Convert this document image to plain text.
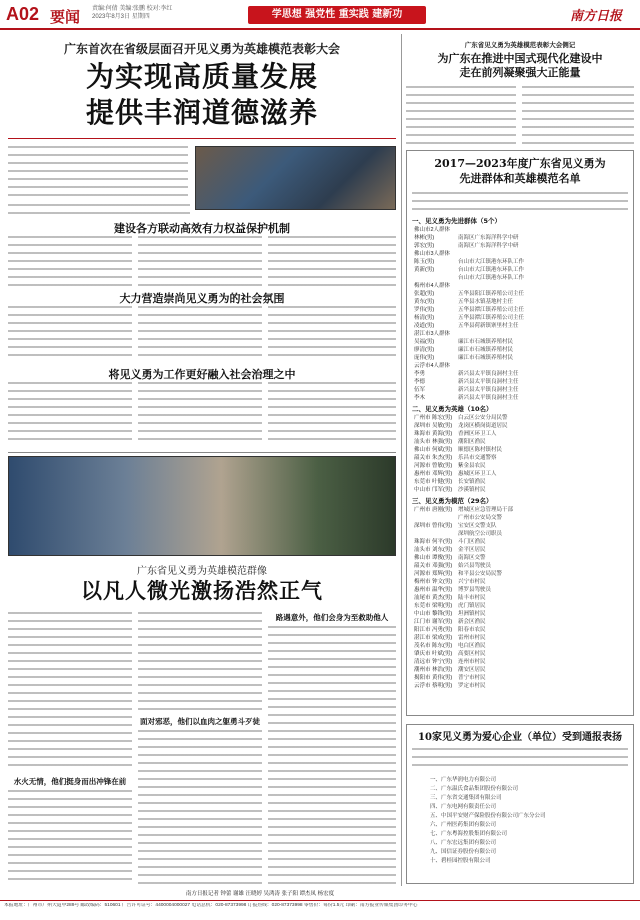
A02 要闻 责编:何倩 美编:张鹏 校对:李红
2023年8月3日 星期四	学思想 强党性 重实践 建新功	南方日报
广东首次在省级层面召开见义勇为英雄模范表彰大会
为实现高质量发展
提供丰润道德滋养
建设各方联动高效有力权益保护机制
大力营造崇尚见义勇为的社会氛围
将见义勇为工作更好融入社会治理之中
广东省见义勇为英雄模范群像
以凡人微光激扬浩然正气
水火无情，他们挺身而出冲锋在前
面对邪恶，他们以血肉之躯勇斗歹徒
路遇意外，他们会身为至救助他人
广东省见义勇为英雄模范表彰大会侧记
为广东在推进中国式现代化建设中
走在前列凝聚强大正能量
2017—2023年度广东省见义勇为
先进群体和英雄模范名单
一、见义勇为先进群体（5个）
佛山市2人群体
林彬(男)	南海区广东海洋科学中研
郭宏(男)	南海区广东海洋科学中研
佛山市3人群体
陈玉(男)	台山市大江镇港东环队工作
黄新(男)	台山市大江镇港东环队工作
台山市大江镇港东环队工作
梅州市4人群体
张超(男)	五华县阳江镇养殖公司主任
黄东(男)	五华县水镇基地村主任
罗伟(男)	五华县潭江镇养殖公司主任
杨清(男)	五华县潭江镇养殖公司主任
凌道(男)	五华县荷新镇寨里村主任
湛江市3人群体
吴福(男)	廉江市石城镇养殖村民
廖清(男)	廉江市石城镇养殖村民
庞伟(男)	廉江市石城镇养殖村民
云浮市4人群体
李勇	新兴县太平镇良洞村主任
李德	新兴县太平镇良洞村主任
伍军	新兴县太平镇良洞村主任
李木	新兴县太平镇良洞村主任
二、见义勇为英雄（10名）
广州市 陈宏(男) 白云区公安分局民警
深圳市 吴敏(男) 龙岗区横岗街道居民
珠海市 黄海(男) 香洲区环卫工人
汕头市 林强(男) 潮阳区渔民
佛山市 何斌(男) 顺德区陈村镇村民
韶关市 朱杰(男) 乐昌市交通警察
河源市 曾敏(男) 紫金县农民
惠州市 邓辉(男) 惠城区环卫工人
东莞市 叶健(男) 长安镇渔民
中山市 邝军(男) 沙溪镇村民
三、见义勇为模范（29名）
广州市 唐刚(男) 增城区应急管理局干部
广州市公安局交警
深圳市 曾伟(男) 宝安区交警支队
深圳航空公司职员
珠海市 何平(男) 斗门区渔民
汕头市 刘东(男) 金平区居民
佛山市 谭俊(男) 南海区交警
韶关市 邓强(男) 始兴县驾驶员
河源市 郑辉(男) 和平县公安局民警
梅州市 钟文(男) 兴宁市村民
惠州市 温华(男) 博罗县驾驶员
汕尾市 黄杰(男) 陆丰市村民
东莞市 梁明(男) 虎门镇居民
中山市 黎锋(男) 坦洲镇村民
江门市 谢军(男) 新会区渔民
阳江市 冯勇(男) 阳春市农民
湛江市 梁成(男) 雷州市村民
茂名市 陈东(男) 电白区渔民
肇庆市 叶斌(男) 高要区村民
清远市 钟宁(男) 连州市村民
潮州市 林浩(男) 潮安区居民
揭阳市 黄伟(男) 普宁市村民
云浮市 蔡明(男) 罗定市村民
10家见义勇为爱心企业（单位）受到通报表扬
一、广东华润电力有限公司
二、广东温氏食品集团股份有限公司
三、广东省交通集团有限公司
四、广东电网有限责任公司
五、中国平安财产保险股份有限公司广东分公司
六、广州医药集团有限公司
七、广东粤海控股集团有限公司
八、广东宏远集团有限公司
九、国信证券股份有限公司
十、碧桂园控股有限公司
南方日报记者 钟蕾 谢雄 汪晓婷 吴鸿涛 张子阳 谭杰凤 杨宏度
本报地址：广州市广州大道中289号 邮政编码：510601 广告许可证号：4400004000027 电话总机：020-87373998 订报热线：020-87373998 零售价：每份1.5元 印刷：南方报业传媒集团印务中心
